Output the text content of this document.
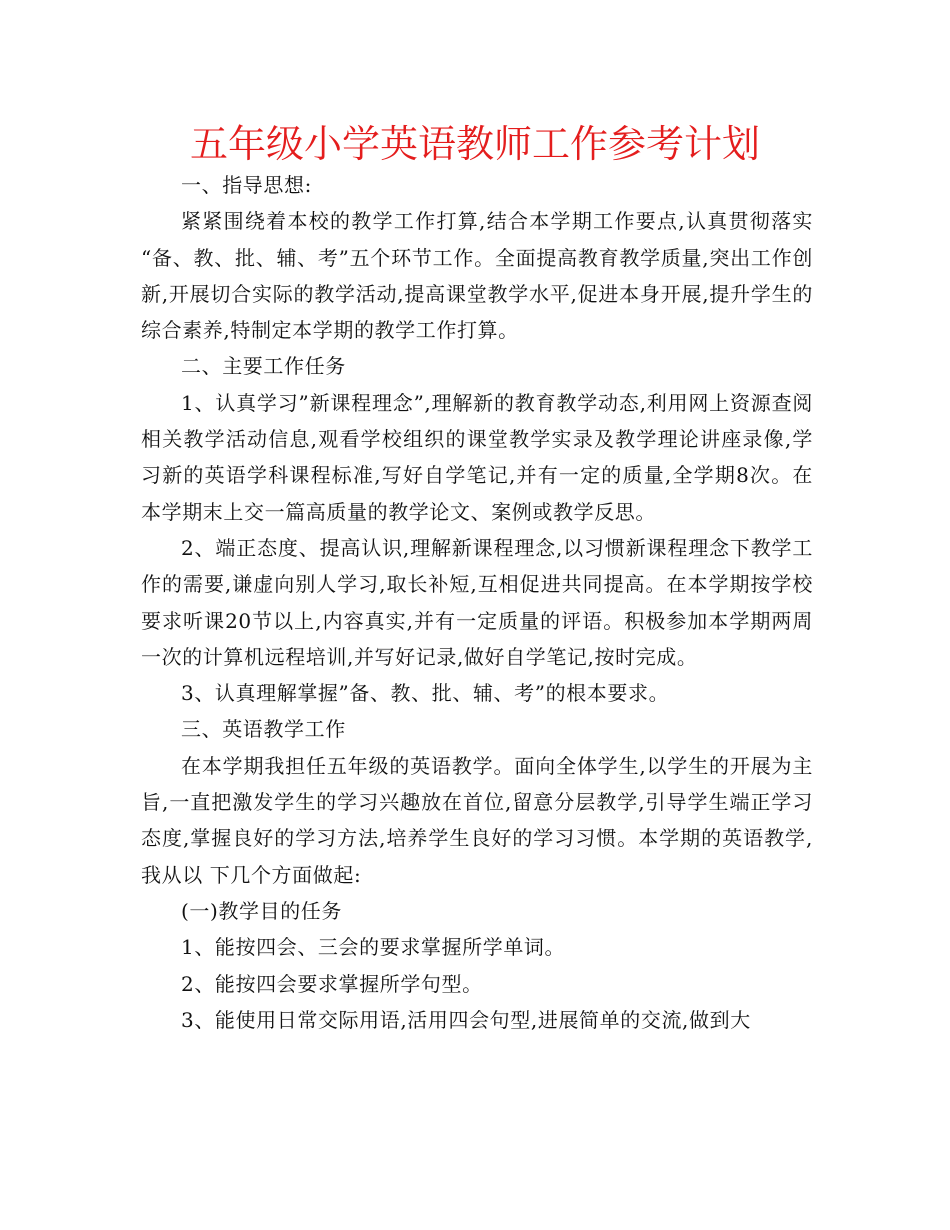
五年级小学英语教师工作参考计划

一、指导思想:

紧紧围绕着本校的教学工作打算,结合本学期工作要点,认真贯彻落实 “备、教、批、辅、考”五个环节工作。全面提高教育教学质量,突出工作创新,开展切合实际的教学活动,提高课堂教学水平,促进本身开展,提升学生的综合素养,特制定本学期的教学工作打算。

二、主要工作任务

1、认真学习”新课程理念”,理解新的教育教学动态,利用网上资源查阅相关教学活动信息,观看学校组织的课堂教学实录及教学理论讲座录像,学习新的英语学科课程标准,写好自学笔记,并有一定的质量,全学期8次。在本学期末上交一篇高质量的教学论文、案例或教学反思。

2、端正态度、提高认识,理解新课程理念,以习惯新课程理念下教学工作的需要,谦虚向别人学习,取长补短,互相促进共同提高。在本学期按学校要求听课20节以上,内容真实,并有一定质量的评语。积极参加本学期两周一次的计算机远程培训,并写好记录,做好自学笔记,按时完成。

3、认真理解掌握”备、教、批、辅、考”的根本要求。

三、英语教学工作

在本学期我担任五年级的英语教学。面向全体学生,以学生的开展为主旨,一直把激发学生的学习兴趣放在首位,留意分层教学,引导学生端正学习态度,掌握良好的学习方法,培养学生良好的学习习惯。本学期的英语教学,我从以 下几个方面做起:

(一)教学目的任务

1、能按四会、三会的要求掌握所学单词。

2、能按四会要求掌握所学句型。

3、能使用日常交际用语,活用四会句型,进展简单的交流,做到大
